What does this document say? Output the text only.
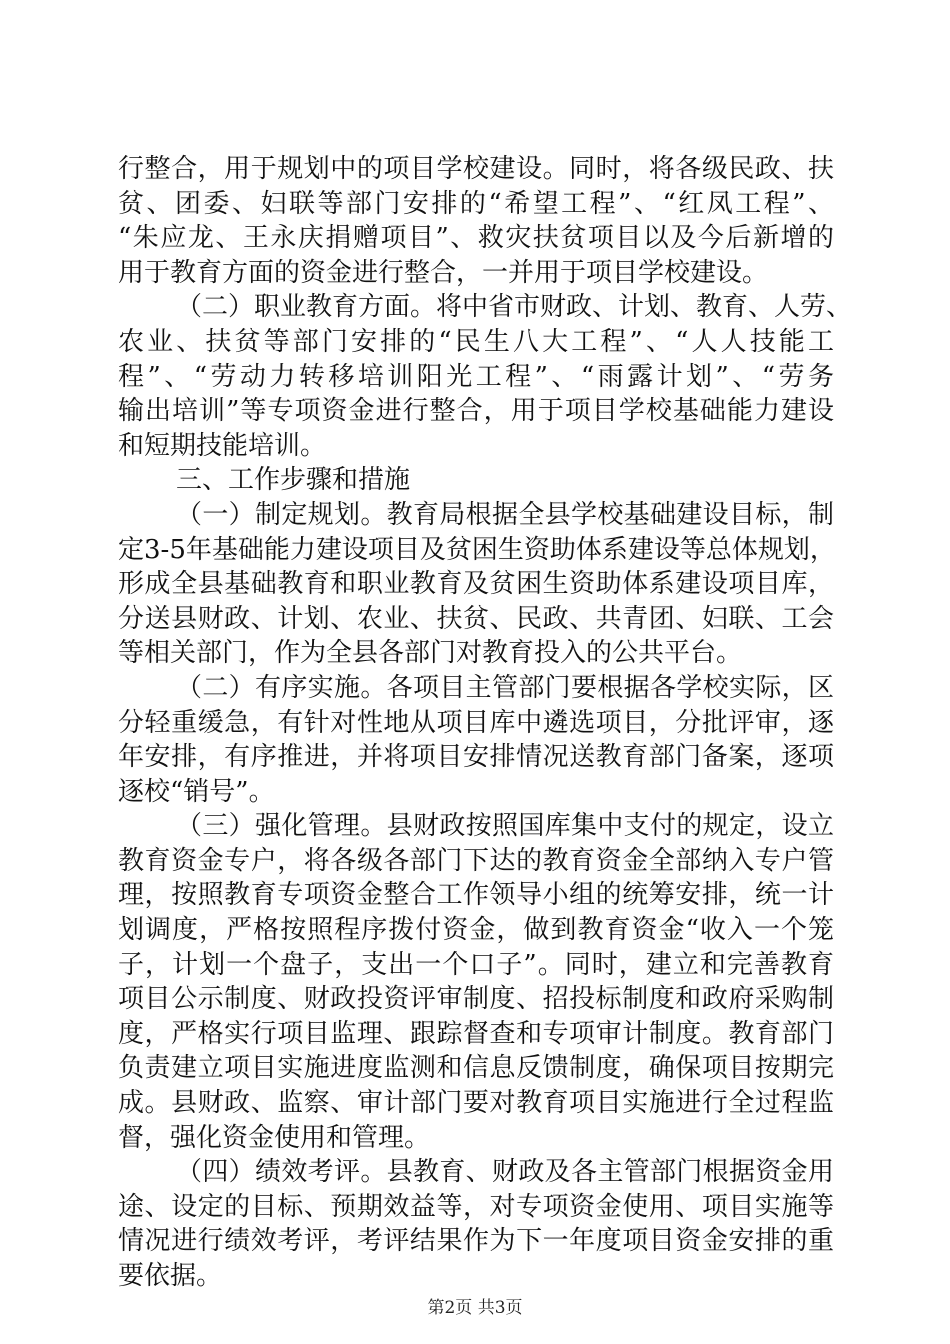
行整合，用于规划中的项目学校建设。同时，将各级民政、扶
贫、团委、妇联等部门安排的“希望工程”、“红凤工程”、
“朱应龙、王永庆捐赠项目”、救灾扶贫项目以及今后新增的
用于教育方面的资金进行整合，一并用于项目学校建设。
（二）职业教育方面。将中省市财政、计划、教育、人劳、
农业、扶贫等部门安排的“民生八大工程”、“人人技能工
程”、“劳动力转移培训阳光工程”、“雨露计划”、“劳务
输出培训”等专项资金进行整合，用于项目学校基础能力建设
和短期技能培训。
三、工作步骤和措施
（一）制定规划。教育局根据全县学校基础建设目标，制
定3-5年基础能力建设项目及贫困生资助体系建设等总体规划，
形成全县基础教育和职业教育及贫困生资助体系建设项目库，
分送县财政、计划、农业、扶贫、民政、共青团、妇联、工会
等相关部门，作为全县各部门对教育投入的公共平台。
（二）有序实施。各项目主管部门要根据各学校实际，区
分轻重缓急，有针对性地从项目库中遴选项目，分批评审，逐
年安排，有序推进，并将项目安排情况送教育部门备案，逐项
逐校“销号”。
（三）强化管理。县财政按照国库集中支付的规定，设立
教育资金专户，将各级各部门下达的教育资金全部纳入专户管
理，按照教育专项资金整合工作领导小组的统筹安排，统一计
划调度，严格按照程序拨付资金，做到教育资金“收入一个笼
子，计划一个盘子，支出一个口子”。同时，建立和完善教育
项目公示制度、财政投资评审制度、招投标制度和政府采购制
度，严格实行项目监理、跟踪督查和专项审计制度。教育部门
负责建立项目实施进度监测和信息反馈制度，确保项目按期完
成。县财政、监察、审计部门要对教育项目实施进行全过程监
督，强化资金使用和管理。
（四）绩效考评。县教育、财政及各主管部门根据资金用
途、设定的目标、预期效益等，对专项资金使用、项目实施等
情况进行绩效考评，考评结果作为下一年度项目资金安排的重
要依据。
第2页 共3页
